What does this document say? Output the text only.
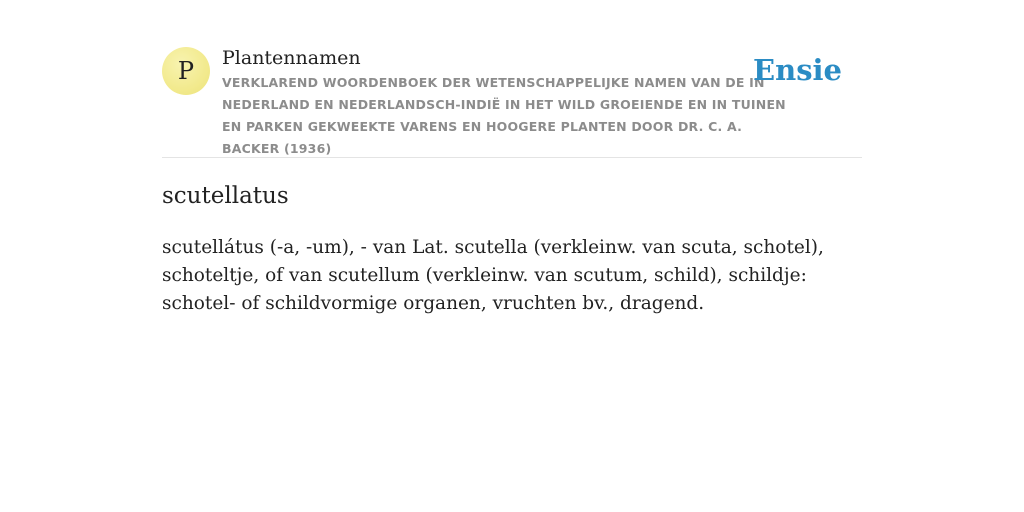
P	Plantennamen
VERKLAREND WOORDENBOEK DER WETENSCHAPPELIJKE NAMEN VAN DE IN NEDERLAND EN NEDERLANDSCH-INDIË IN HET WILD GROEIENDE EN IN TUINEN EN PARKEN GEKWEEKTE VARENS EN HOOGERE PLANTEN DOOR DR. C. A. BACKER (1936)
Ensie
scutellatus

scutellátus (-a, -um), - van Lat. scutella (verkleinw. van scuta, schotel), schoteltje, of van scutellum (verkleinw. van scutum, schild), schildje: schotel- of schildvormige organen, vruchten bv., dragend.
